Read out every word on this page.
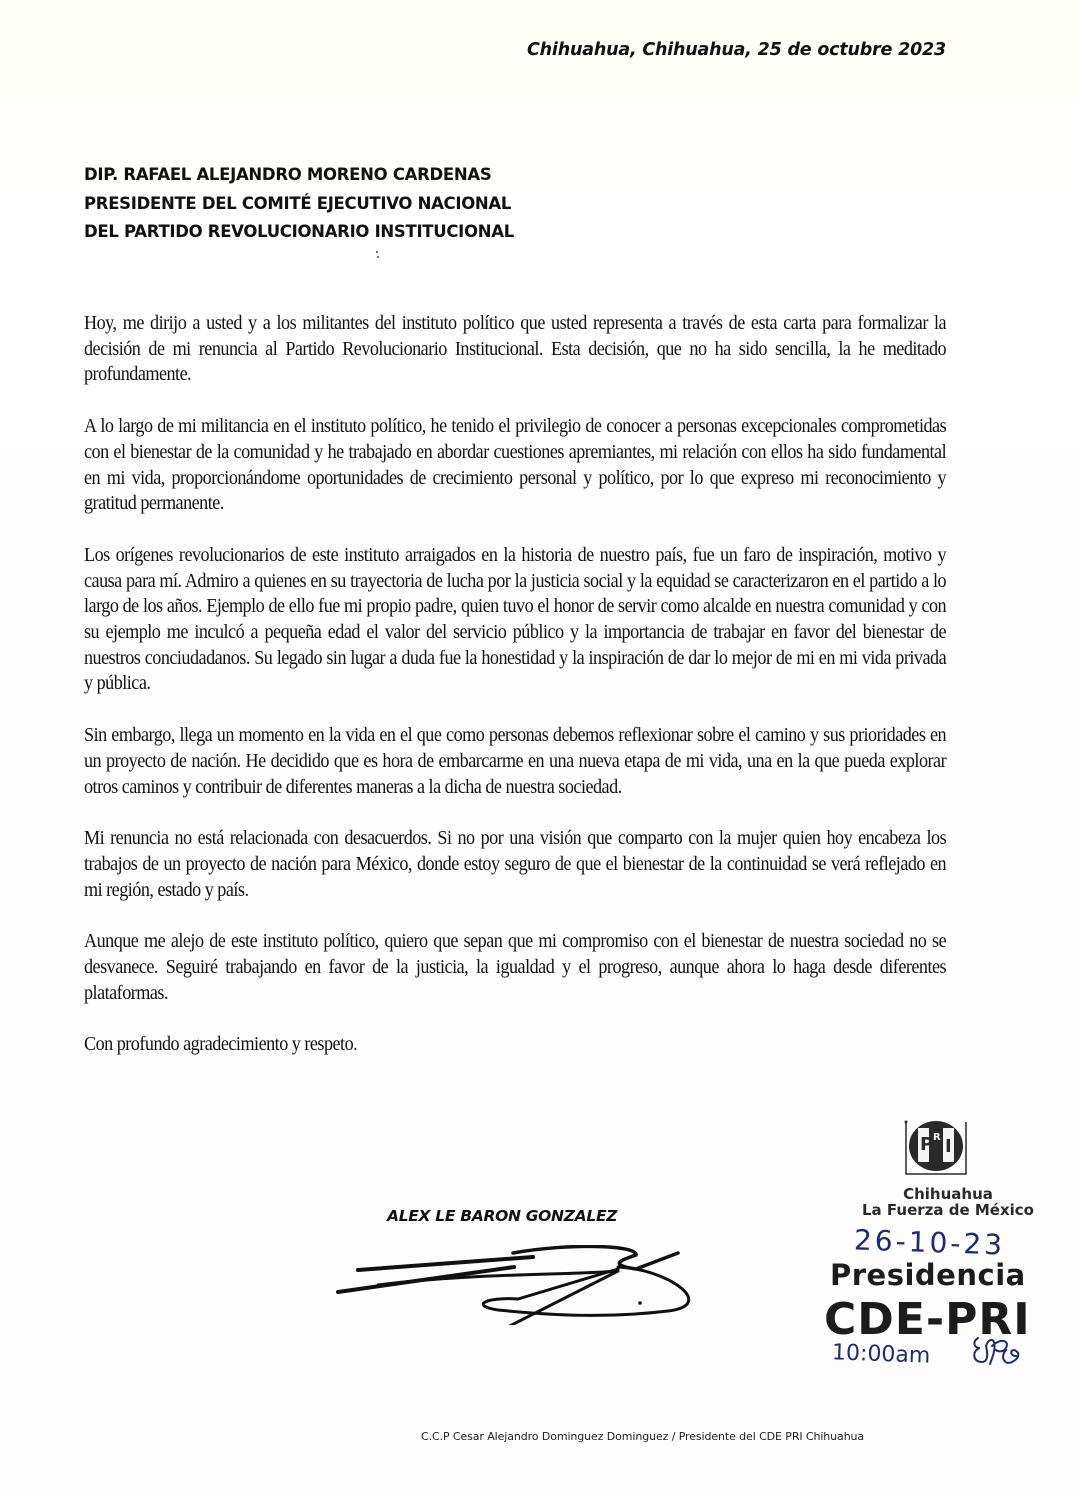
Chihuahua, Chihuahua, 25 de octubre 2023
DIP. RAFAEL ALEJANDRO MORENO CARDENAS
PRESIDENTE DEL COMITÉ EJECUTIVO NACIONAL
DEL PARTIDO REVOLUCIONARIO INSTITUCIONAL

Hoy, me dirijo a usted y a los militantes del instituto político que usted representa a través de esta carta para formalizar la decisión de mi renuncia al Partido Revolucionario Institucional. Esta decisión, que no ha sido sencilla, la he meditado profundamente.

A lo largo de mi militancia en el instituto político, he tenido el privilegio de conocer a personas excepcionales comprometidas con el bienestar de la comunidad y he trabajado en abordar cuestiones apremiantes, mi relación con ellos ha sido fundamental en mi vida, proporcionándome oportunidades de crecimiento personal y político, por lo que expreso mi reconocimiento y gratitud permanente.

Los orígenes revolucionarios de este instituto arraigados en la historia de nuestro país, fue un faro de inspiración, motivo y causa para mí. Admiro a quienes en su trayectoria de lucha por la justicia social y la equidad se caracterizaron en el partido a lo largo de los años. Ejemplo de ello fue mi propio padre, quien tuvo el honor de servir como alcalde en nuestra comunidad y con su ejemplo me inculcó a pequeña edad el valor del servicio público y la importancia de trabajar en favor del bienestar de nuestros conciudadanos. Su legado sin lugar a duda fue la honestidad y la inspiración de dar lo mejor de mi en mi vida privada y pública.

Sin embargo, llega un momento en la vida en el que como personas debemos reflexionar sobre el camino y sus prioridades en un proyecto de nación. He decidido que es hora de embarcarme en una nueva etapa de mi vida, una en la que pueda explorar otros caminos y contribuir de diferentes maneras a la dicha de nuestra sociedad.

Mi renuncia no está relacionada con desacuerdos. Si no por una visión que comparto con la mujer quien hoy encabeza los trabajos de un proyecto de nación para México, donde estoy seguro de que el bienestar de la continuidad se verá reflejado en mi región, estado y país.

Aunque me alejo de este instituto político, quiero que sepan que mi compromiso con el bienestar de nuestra sociedad no se desvanece. Seguiré trabajando en favor de la justicia, la igualdad y el progreso, aunque ahora lo haga desde diferentes plataformas.

Con profundo agradecimiento y respeto.

ALEX LE BARON GONZALEZ
P R I
Chihuahua
La Fuerza de México
26-10-23
Presidencia
CDE-PRI
10:00am
C.C.P Cesar Alejandro Dominguez Dominguez / Presidente del CDE PRI Chihuahua
